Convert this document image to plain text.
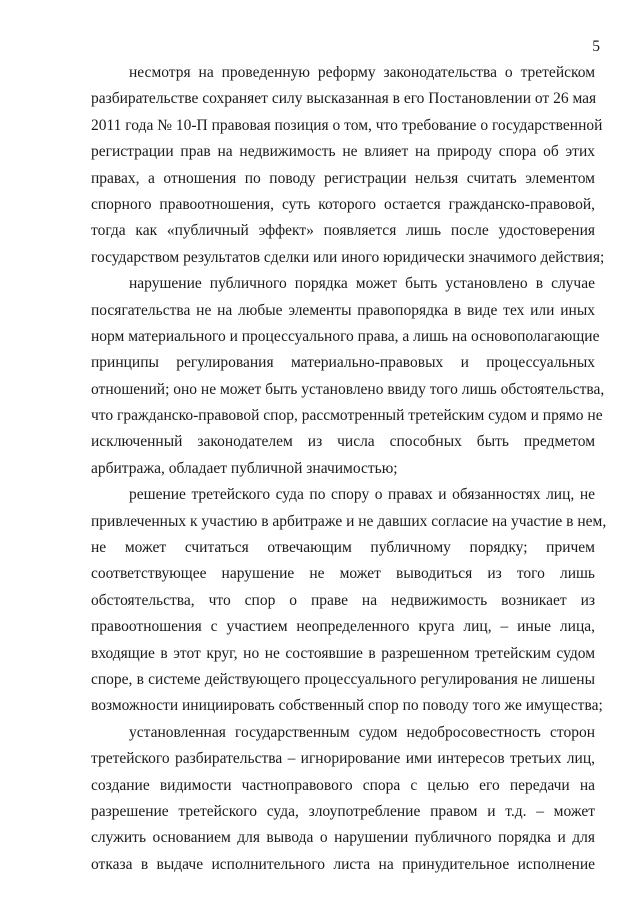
5
несмотря на проведенную реформу законодательства о третейском
разбирательстве сохраняет силу высказанная в его Постановлении от 26 мая
2011 года № 10-П правовая позиция о том, что требование о государственной
регистрации прав на недвижимость не влияет на природу спора об этих
правах, а отношения по поводу регистрации нельзя считать элементом
спорного правоотношения, суть которого остается гражданско-правовой,
тогда как «публичный эффект» появляется лишь после удостоверения
государством результатов сделки или иного юридически значимого действия;
нарушение публичного порядка может быть установлено в случае
посягательства не на любые элементы правопорядка в виде тех или иных
норм материального и процессуального права, а лишь на основополагающие
принципы регулирования материально-правовых и процессуальных
отношений; оно не может быть установлено ввиду того лишь обстоятельства,
что гражданско-правовой спор, рассмотренный третейским судом и прямо не
исключенный законодателем из числа способных быть предметом
арбитража, обладает публичной значимостью;
решение третейского суда по спору о правах и обязанностях лиц, не
привлеченных к участию в арбитраже и не давших согласие на участие в нем,
не может считаться отвечающим публичному порядку; причем
соответствующее нарушение не может выводиться из того лишь
обстоятельства, что спор о праве на недвижимость возникает из
правоотношения с участием неопределенного круга лиц, – иные лица,
входящие в этот круг, но не состоявшие в разрешенном третейским судом
споре, в системе действующего процессуального регулирования не лишены
возможности инициировать собственный спор по поводу того же имущества;
установленная государственным судом недобросовестность сторон
третейского разбирательства – игнорирование ими интересов третьих лиц,
создание видимости частноправового спора с целью его передачи на
разрешение третейского суда, злоупотребление правом и т.д. – может
служить основанием для вывода о нарушении публичного порядка и для
отказа в выдаче исполнительного листа на принудительное исполнение
